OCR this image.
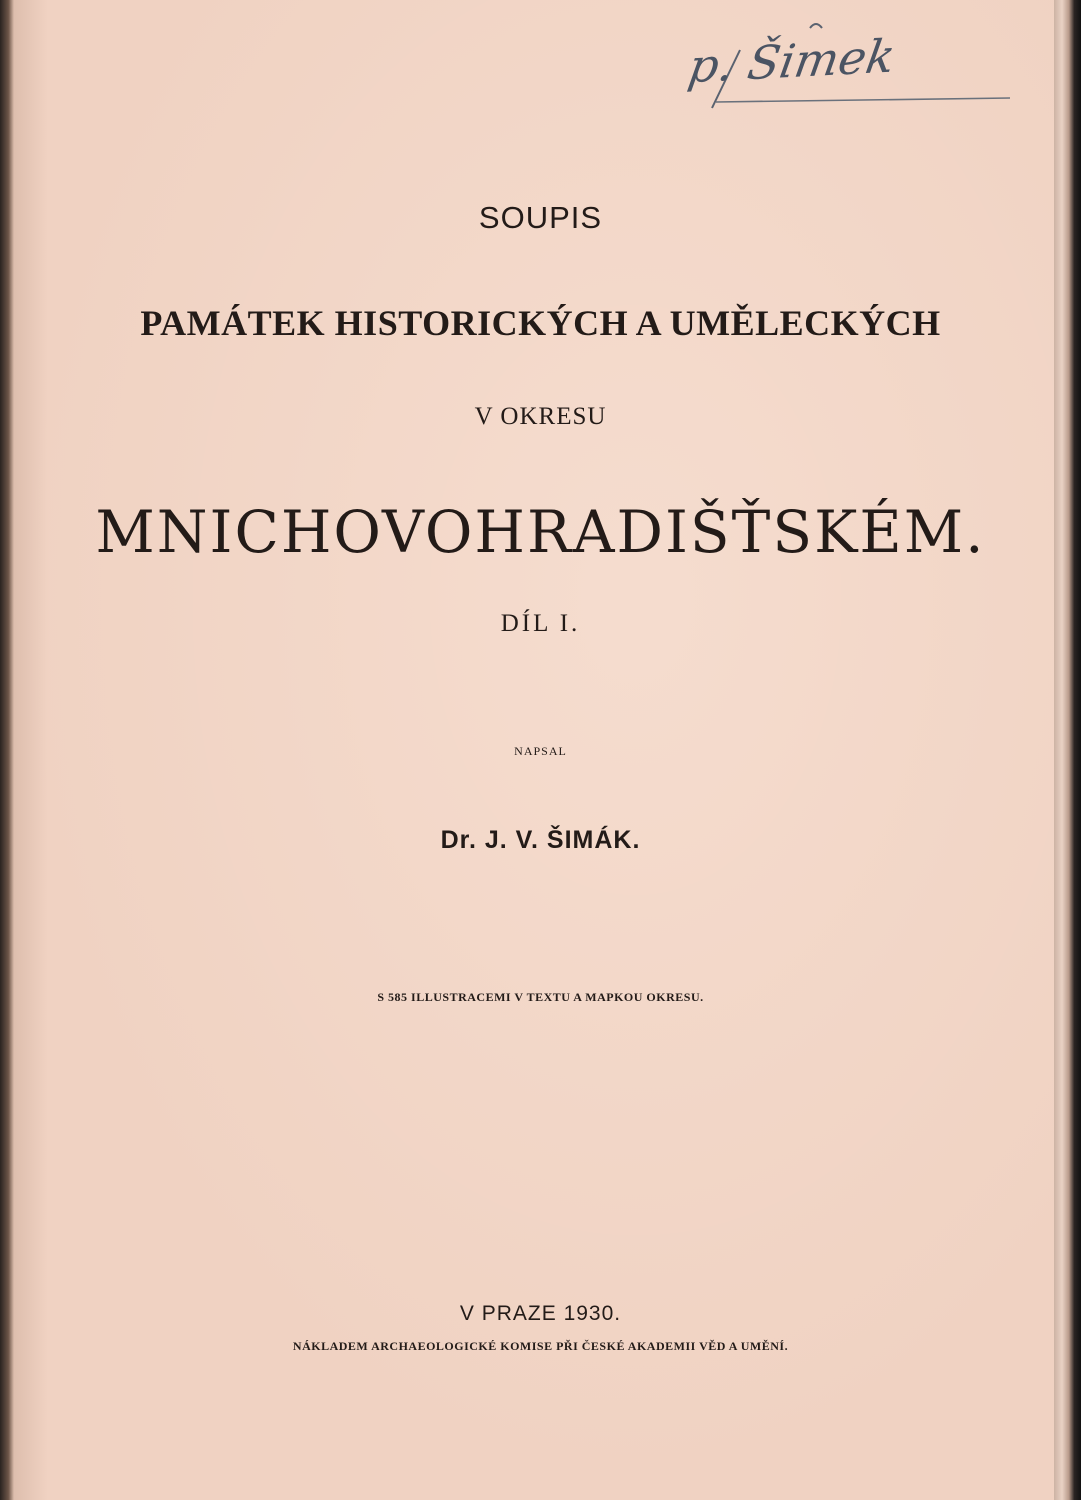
p. Šimek
SOUPIS
PAMÁTEK HISTORICKÝCH A UMĚLECKÝCH
V OKRESU
MNICHOVOHRADIŠŤSKÉM.
DÍL I.
NAPSAL
Dr. J. V. ŠIMÁK.
S 585 ILLUSTRACEMI V TEXTU A MAPKOU OKRESU.
V PRAZE 1930.
NÁKLADEM ARCHAEOLOGICKÉ KOMISE PŘI ČESKÉ AKADEMII VĚD A UMĚNÍ.
